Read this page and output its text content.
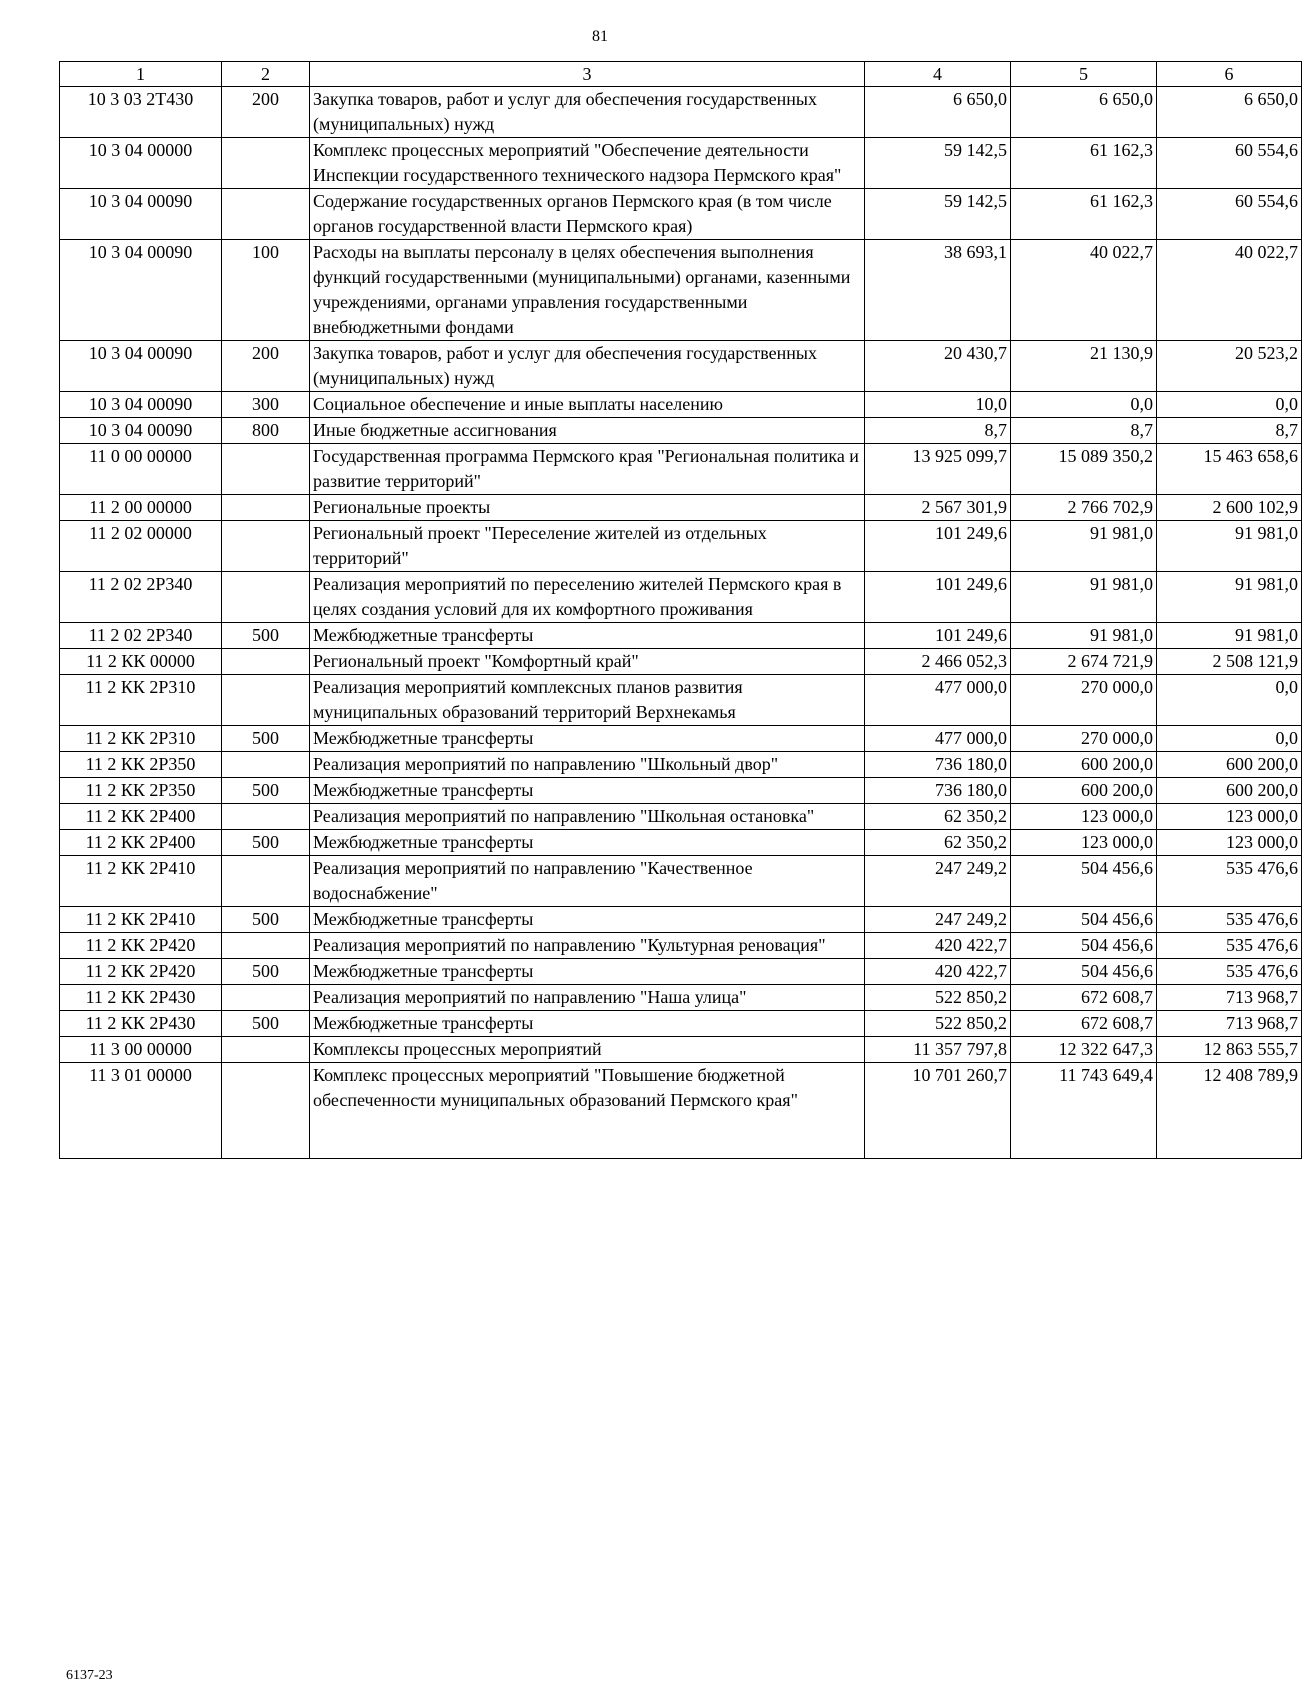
81
1	2	3	4	5	6
10 3 03 2Т430	200	Закупка товаров, работ и услуг для обеспечения государственных (муниципальных) нужд	6 650,0	6 650,0	6 650,0
10 3 04 00000		Комплекс процессных мероприятий "Обеспечение деятельности Инспекции государственного технического надзора Пермского края"	59 142,5	61 162,3	60 554,6
10 3 04 00090		Содержание государственных органов Пермского края (в том числе органов государственной власти Пермского края)	59 142,5	61 162,3	60 554,6
10 3 04 00090	100	Расходы на выплаты персоналу в целях обеспечения выполнения функций государственными (муниципальными) органами, казенными учреждениями, органами управления государственными внебюджетными фондами	38 693,1	40 022,7	40 022,7
10 3 04 00090	200	Закупка товаров, работ и услуг для обеспечения государственных (муниципальных) нужд	20 430,7	21 130,9	20 523,2
10 3 04 00090	300	Социальное обеспечение и иные выплаты населению	10,0	0,0	0,0
10 3 04 00090	800	Иные бюджетные ассигнования	8,7	8,7	8,7
11 0 00 00000		Государственная программа Пермского края "Региональная политика и развитие территорий"	13 925 099,7	15 089 350,2	15 463 658,6
11 2 00 00000		Региональные проекты	2 567 301,9	2 766 702,9	2 600 102,9
11 2 02 00000		Региональный проект "Переселение жителей из отдельных территорий"	101 249,6	91 981,0	91 981,0
11 2 02 2Р340		Реализация мероприятий по переселению жителей Пермского края в целях создания условий для их комфортного проживания	101 249,6	91 981,0	91 981,0
11 2 02 2Р340	500	Межбюджетные трансферты	101 249,6	91 981,0	91 981,0
11 2 КК 00000		Региональный проект "Комфортный край"	2 466 052,3	2 674 721,9	2 508 121,9
11 2 КК 2Р310		Реализация мероприятий комплексных планов развития муниципальных образований территорий Верхнекамья	477 000,0	270 000,0	0,0
11 2 КК 2Р310	500	Межбюджетные трансферты	477 000,0	270 000,0	0,0
11 2 КК 2Р350		Реализация мероприятий по направлению "Школьный двор"	736 180,0	600 200,0	600 200,0
11 2 КК 2Р350	500	Межбюджетные трансферты	736 180,0	600 200,0	600 200,0
11 2 КК 2Р400		Реализация мероприятий по направлению "Школьная остановка"	62 350,2	123 000,0	123 000,0
11 2 КК 2Р400	500	Межбюджетные трансферты	62 350,2	123 000,0	123 000,0
11 2 КК 2Р410		Реализация мероприятий по направлению "Качественное водоснабжение"	247 249,2	504 456,6	535 476,6
11 2 КК 2Р410	500	Межбюджетные трансферты	247 249,2	504 456,6	535 476,6
11 2 КК 2Р420		Реализация мероприятий по направлению "Культурная реновация"	420 422,7	504 456,6	535 476,6
11 2 КК 2Р420	500	Межбюджетные трансферты	420 422,7	504 456,6	535 476,6
11 2 КК 2Р430		Реализация мероприятий по направлению "Наша улица"	522 850,2	672 608,7	713 968,7
11 2 КК 2Р430	500	Межбюджетные трансферты	522 850,2	672 608,7	713 968,7
11 3 00 00000		Комплексы процессных мероприятий	11 357 797,8	12 322 647,3	12 863 555,7
11 3 01 00000		Комплекс процессных мероприятий "Повышение бюджетной обеспеченности муниципальных образований Пермского края"	10 701 260,7	11 743 649,4	12 408 789,9
6137-23
